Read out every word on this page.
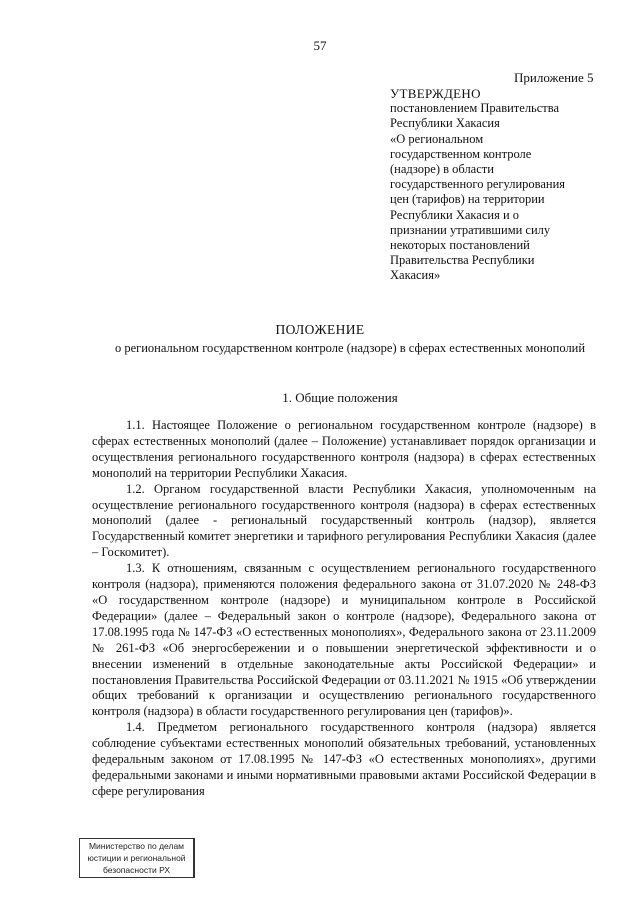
57
Приложение 5
УТВЕРЖДЕНО
постановлением Правительства
Республики Хакасия
«О региональном
государственном контроле
(надзоре) в области
государственного регулирования
цен (тарифов) на территории
Республики Хакасия и о
признании утратившими силу
некоторых постановлений
Правительства Республики
Хакасия»
ПОЛОЖЕНИЕ
о региональном государственном контроле (надзоре) в сферах естественных монополий
1. Общие положения

1.1. Настоящее Положение о региональном государственном контроле (надзоре) в сферах естественных монополий (далее – Положение) устанавливает порядок организации и осуществления регионального государственного контроля (надзора) в сферах естественных монополий на территории Республики Хакасия.

1.2. Органом государственной власти Республики Хакасия, уполномоченным на осуществление регионального государственного контроля (надзора) в сферах естественных монополий (далее - региональный государственный контроль (надзор), является Государственный комитет энергетики и тарифного регулирования Республики Хакасия (далее – Госкомитет).

1.3. К отношениям, связанным с осуществлением регионального государственного контроля (надзора), применяются положения федерального закона от 31.07.2020 № 248-ФЗ «О государственном контроле (надзоре) и муниципальном контроле в Российской Федерации» (далее – Федеральный закон о контроле (надзоре), Федерального закона от 17.08.1995 года № 147-ФЗ «О естественных монополиях», Федерального закона от 23.11.2009 № 261-ФЗ «Об энергосбережении и о повышении энергетической эффективности и о внесении изменений в отдельные законодательные акты Российской Федерации» и постановления Правительства Российской Федерации от 03.11.2021 № 1915 «Об утверждении общих требований к организации и осуществлению регионального государственного контроля (надзора) в области государственного регулирования цен (тарифов)».

1.4. Предметом регионального государственного контроля (надзора) является соблюдение субъектами естественных монополий обязательных требований, установленных федеральным законом от 17.08.1995 № 147-ФЗ «О естественных монополиях», другими федеральными законами и иными нормативными правовыми актами Российской Федерации в сфере регулирования

Министерство по делам
юстиции и региональной
безопасности РХ
